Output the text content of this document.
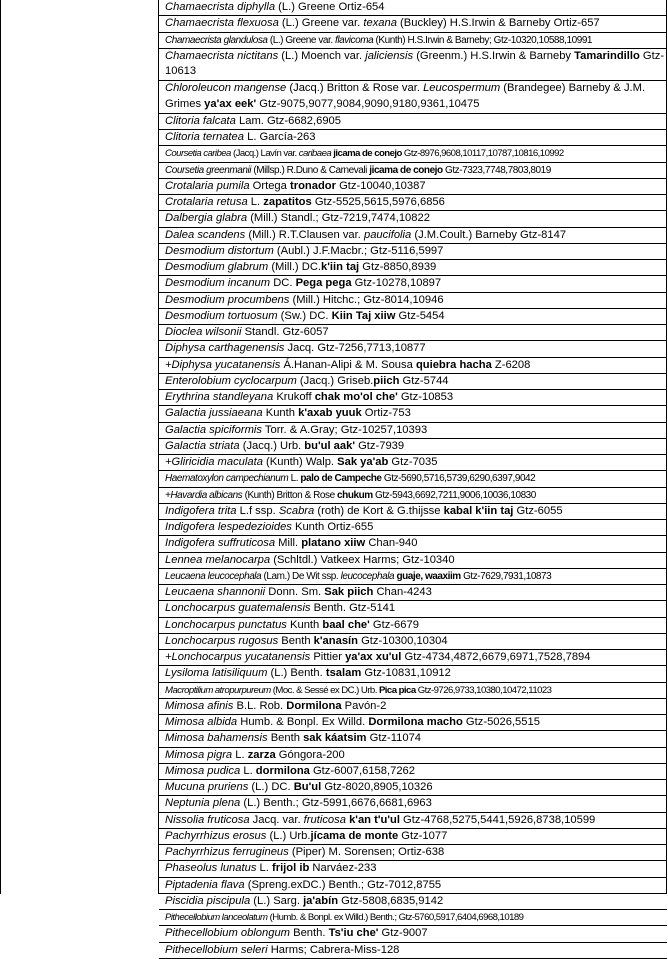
Chamaecrista diphylla (L.) Greene Ortiz-654
Chamaecrista flexuosa (L.) Greene var. texana (Buckley) H.S.Irwin & Barneby Ortiz-657
Chamaecrista glandulosa (L.) Greene var. flavicoma (Kunth) H.S.Irwin & Barneby; Gtz-10320,10588,10991
Chamaecrista nictitans (L.) Moench var. jaliciensis (Greenm.) H.S.Irwin & Barneby Tamarindillo Gtz-10613
Chloroleucon mangense (Jacq.) Britton & Rose var. Leucospermum (Brandegee) Barneby & J.M. Grimes ya'ax eek' Gtz-9075,9077,9084,9090,9180,9361,10475
Clitoria falcata Lam. Gtz-6682,6905
Clitoria ternatea L. García-263
Coursetia caribea (Jacq.) Lavín var. caribaea jicama de conejo Gtz-8976,9608,10117,10787,10816,10992
Coursetia greenmanii (Millsp.) R.Duno & Carnevali jicama de conejo Gtz-7323,7748,7803,8019
Crotalaria pumila Ortega tronador Gtz-10040,10387
Crotalaria retusa L. zapatitos Gtz-5525,5615,5976,6856
Dalbergia glabra (Mill.) Standl.; Gtz-7219,7474,10822
Dalea scandens (Mill.) R.T.Clausen var. paucifolia (J.M.Coult.) Barneby Gtz-8147
Desmodium distortum (Aubl.) J.F.Macbr.; Gtz-5116,5997
Desmodium glabrum (Mill.) DC.k'iin taj Gtz-8850,8939
Desmodium incanum DC. Pega pega Gtz-10278,10897
Desmodium procumbens (Mill.) Hitchc.; Gtz-8014,10946
Desmodium tortuosum (Sw.) DC. Kiin Taj xiiw Gtz-5454
Dioclea wilsonii Standl. Gtz-6057
Diphysa carthagenensis Jacq. Gtz-7256,7713,10877
+Diphysa yucatanensis Á.Hanan-Alipi & M. Sousa quiebra hacha Z-6208
Enterolobium cyclocarpum (Jacq.) Griseb.piich Gtz-5744
Erythrina standleyana Krukoff chak mo'ol che' Gtz-10853
Galactia jussiaeana Kunth k'axab yuuk Ortiz-753
Galactia spiciformis Torr. & A.Gray; Gtz-10257,10393
Galactia striata (Jacq.) Urb. bu'ul aak' Gtz-7939
+Gliricidia maculata (Kunth) Walp. Sak ya'ab Gtz-7035
Haematoxylon campechianum L. palo de Campeche Gtz-5690,5716,5739,6290,6397,9042
+Havardia albicans (Kunth) Britton & Rose chukum Gtz-5943,6692,7211,9006,10036,10830
Indigofera trita L.f ssp. Scabra (roth) de Kort & G.thijsse kabal k'iin taj Gtz-6055
Indigofera lespedezioides Kunth Ortiz-655
Indigofera suffruticosa Mill. platano xiiw Chan-940
Lennea melanocarpa (Schltdl.) Vatkeex Harms; Gtz-10340
Leucaena leucocephala (Lam.) De Wit ssp. leucocephala guaje, waaxiim Gtz-7629,7931,10873
Leucaena shannonii Donn. Sm. Sak piich Chan-4243
Lonchocarpus guatemalensis Benth. Gtz-5141
Lonchocarpus punctatus Kunth baal che' Gtz-6679
Lonchocarpus rugosus Benth k'anasín Gtz-10300,10304
+Lonchocarpus yucatanensis Pittier ya'ax xu'ul Gtz-4734,4872,6679,6971,7528,7894
Lysiloma latisiliquum (L.) Benth. tsalam Gtz-10831,10912
Macroptilium atropurpureum (Moc. & Sessé ex DC.) Urb. Pica pica Gtz-9726,9733,10380,10472,11023
Mimosa afinis B.L. Rob. Dormilona Pavón-2
Mimosa albida Humb. & Bonpl. Ex Willd. Dormilona macho Gtz-5026,5515
Mimosa bahamensis Benth sak káatsim Gtz-11074
Mimosa pigra L. zarza Góngora-200
Mimosa pudica L. dormilona Gtz-6007,6158,7262
Mucuna pruriens (L.) DC. Bu'ul Gtz-8020,8905,10326
Neptunia plena (L.) Benth.; Gtz-5991,6676,6681,6963
Nissolia fruticosa Jacq. var. fruticosa k'an t'u'ul Gtz-4768,5275,5441,5926,8738,10599
Pachyrrhizus erosus (L.) Urb.jícama de monte Gtz-1077
Pachyrrhizus ferrugineus (Piper) M. Sorensen; Ortiz-638
Phaseolus lunatus L. frijol ib Narváez-233
Piptadenia flava (Spreng.exDC.) Benth.; Gtz-7012,8755
Piscidia piscipula (L.) Sarg. ja'abín Gtz-5808,6835,9142
Pithecellobium lanceolatum (Humb. & Bonpl. ex Willd.) Benth.; Gtz-5760,5917,6404,6968,10189
Pithecellobium oblongum Benth. Ts'iu che' Gtz-9007
Pithecellobium seleri Harms; Cabrera-Miss-128
